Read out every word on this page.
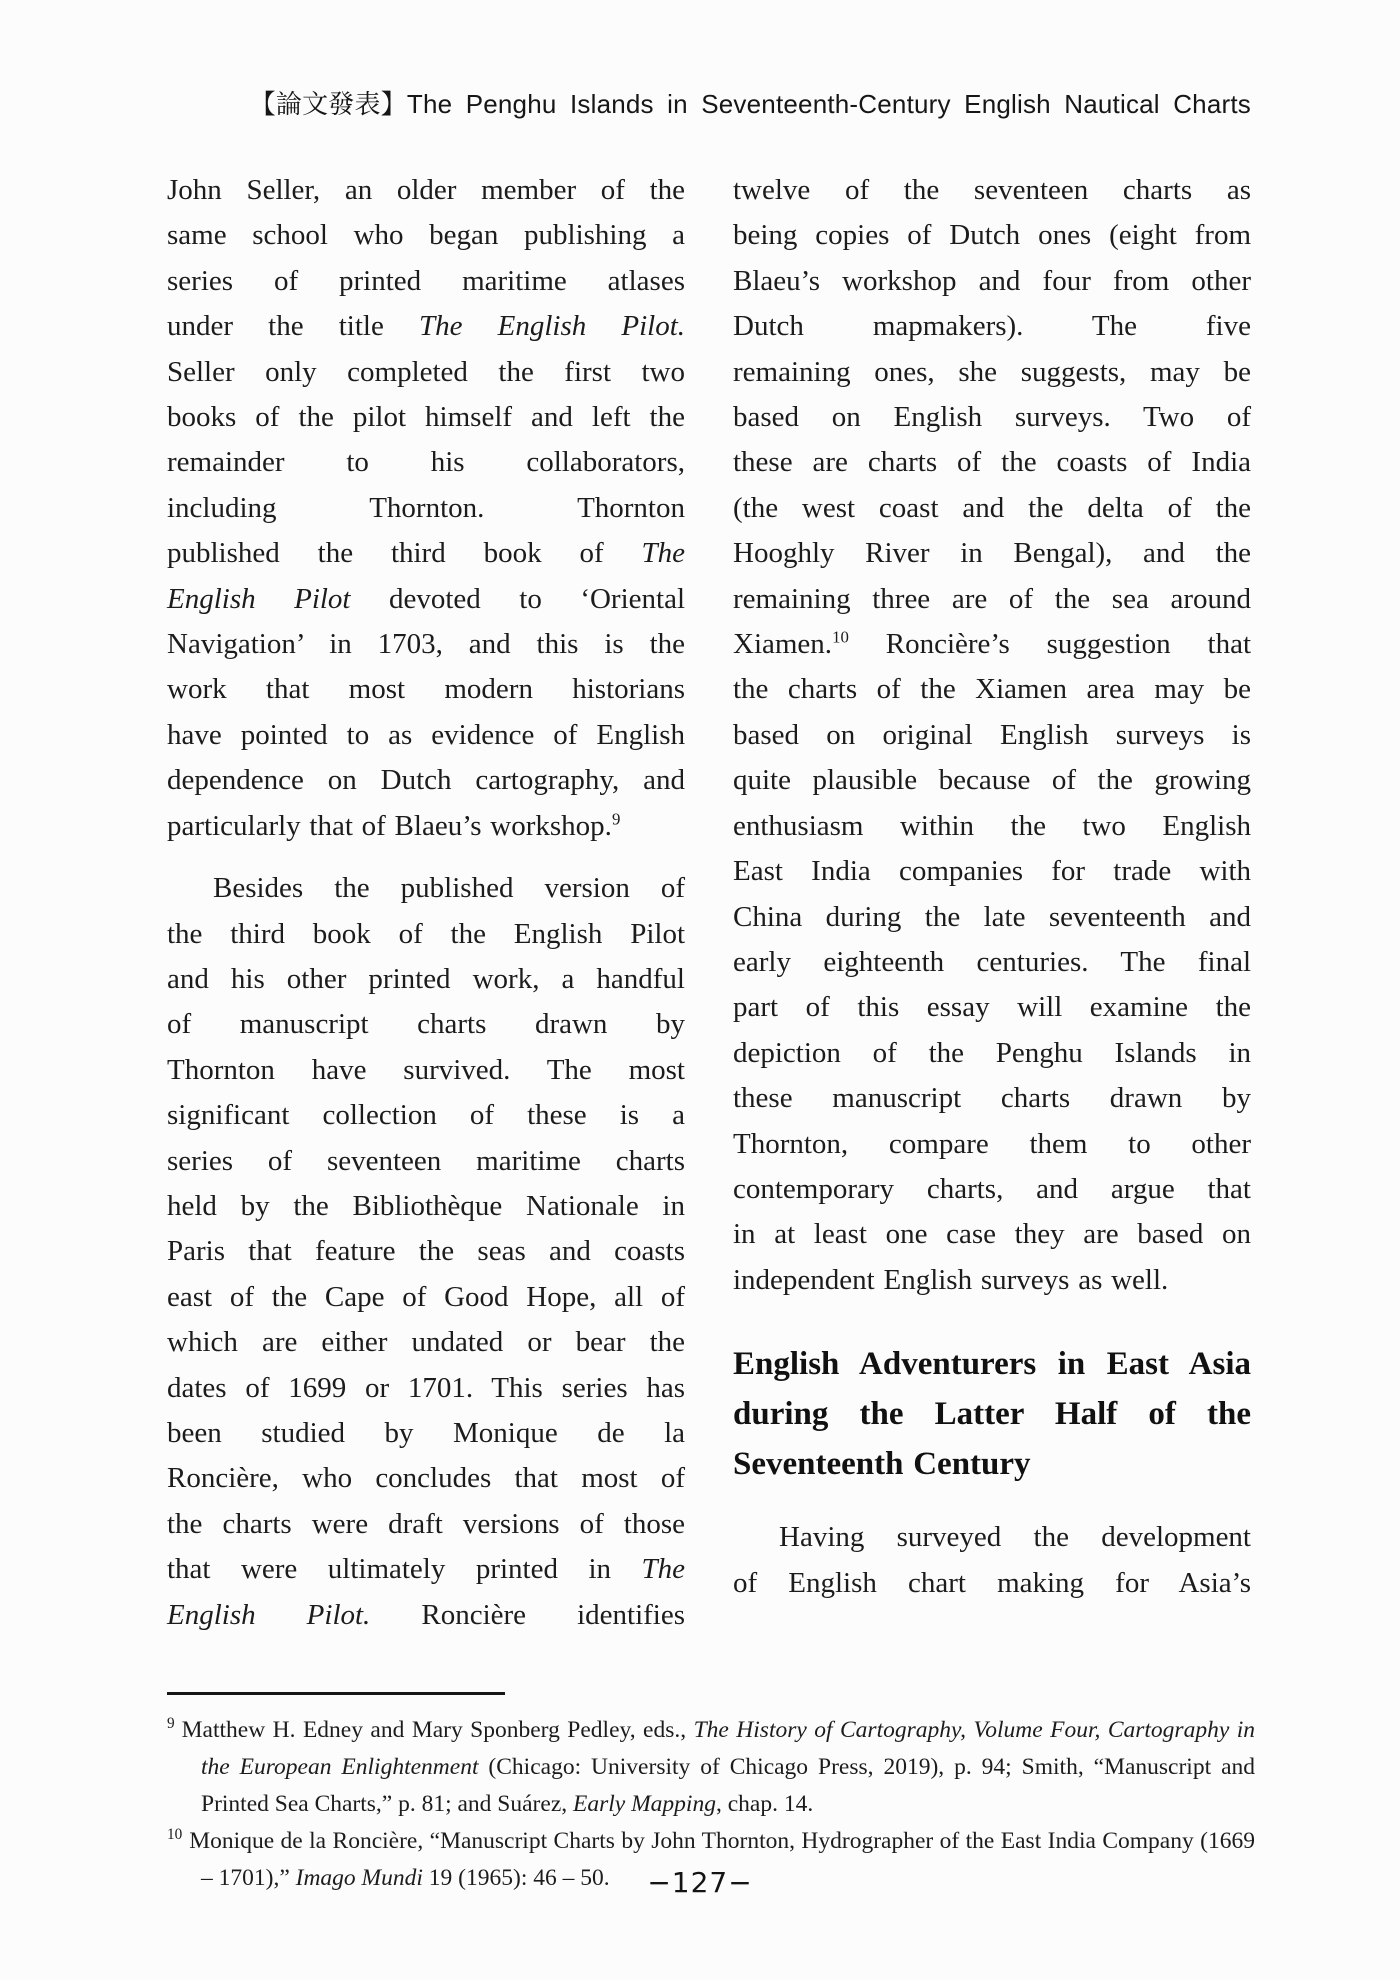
【論文發表】The Penghu Islands in Seventeenth-Century English Nautical Charts
John Seller, an older member of the
same school who began publishing a
series of printed maritime atlases
under the title The English Pilot.
Seller only completed the first two
books of the pilot himself and left the
remainder to his collaborators,
including Thornton. Thornton
published the third book of The
English Pilot devoted to ‘Oriental
Navigation’ in 1703, and this is the
work that most modern historians
have pointed to as evidence of English
dependence on Dutch cartography, and
particularly that of Blaeu’s workshop.$^9$
Besides the published version of
the third book of the English Pilot
and his other printed work, a handful
of manuscript charts drawn by
Thornton have survived. The most
significant collection of these is a
series of seventeen maritime charts
held by the Bibliothèque Nationale in
Paris that feature the seas and coasts
east of the Cape of Good Hope, all of
which are either undated or bear the
dates of 1699 or 1701. This series has
been studied by Monique de la
Roncière, who concludes that most of
the charts were draft versions of those
that were ultimately printed in The
English Pilot. Roncière identifies
twelve of the seventeen charts as
being copies of Dutch ones (eight from
Blaeu’s workshop and four from other
Dutch mapmakers). The five
remaining ones, she suggests, may be
based on English surveys. Two of
these are charts of the coasts of India
(the west coast and the delta of the
Hooghly River in Bengal), and the
remaining three are of the sea around
Xiamen.$^{10}$ Roncière’s suggestion that
the charts of the Xiamen area may be
based on original English surveys is
quite plausible because of the growing
enthusiasm within the two English
East India companies for trade with
China during the late seventeenth and
early eighteenth centuries. The final
part of this essay will examine the
depiction of the Penghu Islands in
these manuscript charts drawn by
Thornton, compare them to other
contemporary charts, and argue that
in at least one case they are based on
independent English surveys as well.
English Adventurers in East Asia
during the Latter Half of the
Seventeenth Century
Having surveyed the development
of English chart making for Asia’s
$^9$ Matthew H. Edney and Mary Sponberg Pedley, eds., The History of Cartography, Volume Four, Cartography in the European Enlightenment (Chicago: University of Chicago Press, 2019), p. 94; Smith, “Manuscript and Printed Sea Charts,” p. 81; and Suárez, Early Mapping, chap. 14.
$^{10}$ Monique de la Roncière, “Manuscript Charts by John Thornton, Hydrographer of the East India Company (1669 – 1701),” Imago Mundi 19 (1965): 46 – 50.	−127−
